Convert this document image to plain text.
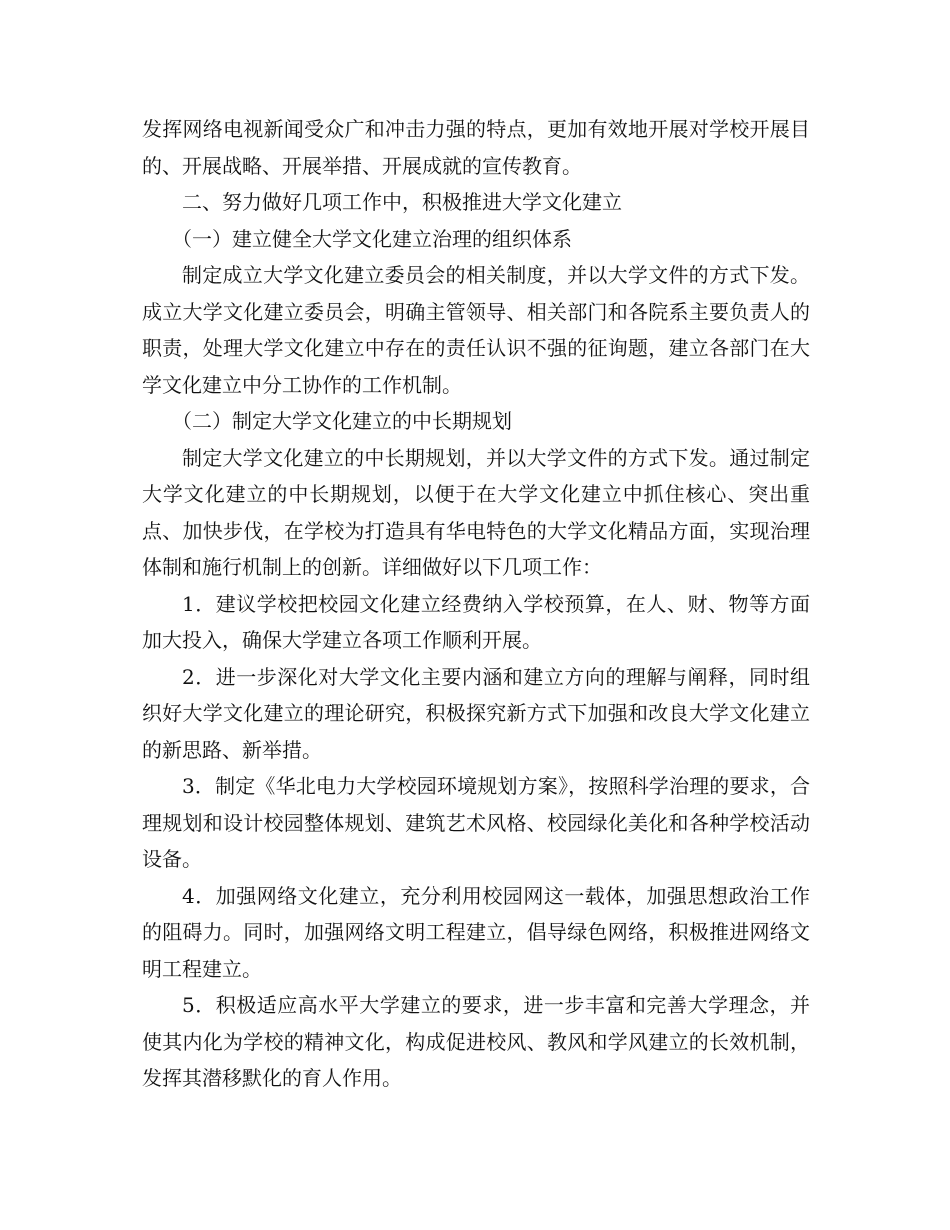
发挥网络电视新闻受众广和冲击力强的特点，更加有效地开展对学校开展目的、开展战略、开展举措、开展成就的宣传教育。

二、努力做好几项工作中，积极推进大学文化建立

（一）建立健全大学文化建立治理的组织体系

制定成立大学文化建立委员会的相关制度，并以大学文件的方式下发。成立大学文化建立委员会，明确主管领导、相关部门和各院系主要负责人的职责，处理大学文化建立中存在的责任认识不强的征询题，建立各部门在大学文化建立中分工协作的工作机制。

（二）制定大学文化建立的中长期规划

制定大学文化建立的中长期规划，并以大学文件的方式下发。通过制定大学文化建立的中长期规划，以便于在大学文化建立中抓住核心、突出重点、加快步伐，在学校为打造具有华电特色的大学文化精品方面，实现治理体制和施行机制上的创新。详细做好以下几项工作：

1．建议学校把校园文化建立经费纳入学校预算，在人、财、物等方面加大投入，确保大学建立各项工作顺利开展。

2．进一步深化对大学文化主要内涵和建立方向的理解与阐释，同时组织好大学文化建立的理论研究，积极探究新方式下加强和改良大学文化建立的新思路、新举措。

3．制定《华北电力大学校园环境规划方案》，按照科学治理的要求，合理规划和设计校园整体规划、建筑艺术风格、校园绿化美化和各种学校活动设备。

4．加强网络文化建立，充分利用校园网这一载体，加强思想政治工作的阻碍力。同时，加强网络文明工程建立，倡导绿色网络，积极推进网络文明工程建立。

5．积极适应高水平大学建立的要求，进一步丰富和完善大学理念，并使其内化为学校的精神文化，构成促进校风、教风和学风建立的长效机制，发挥其潜移默化的育人作用。
